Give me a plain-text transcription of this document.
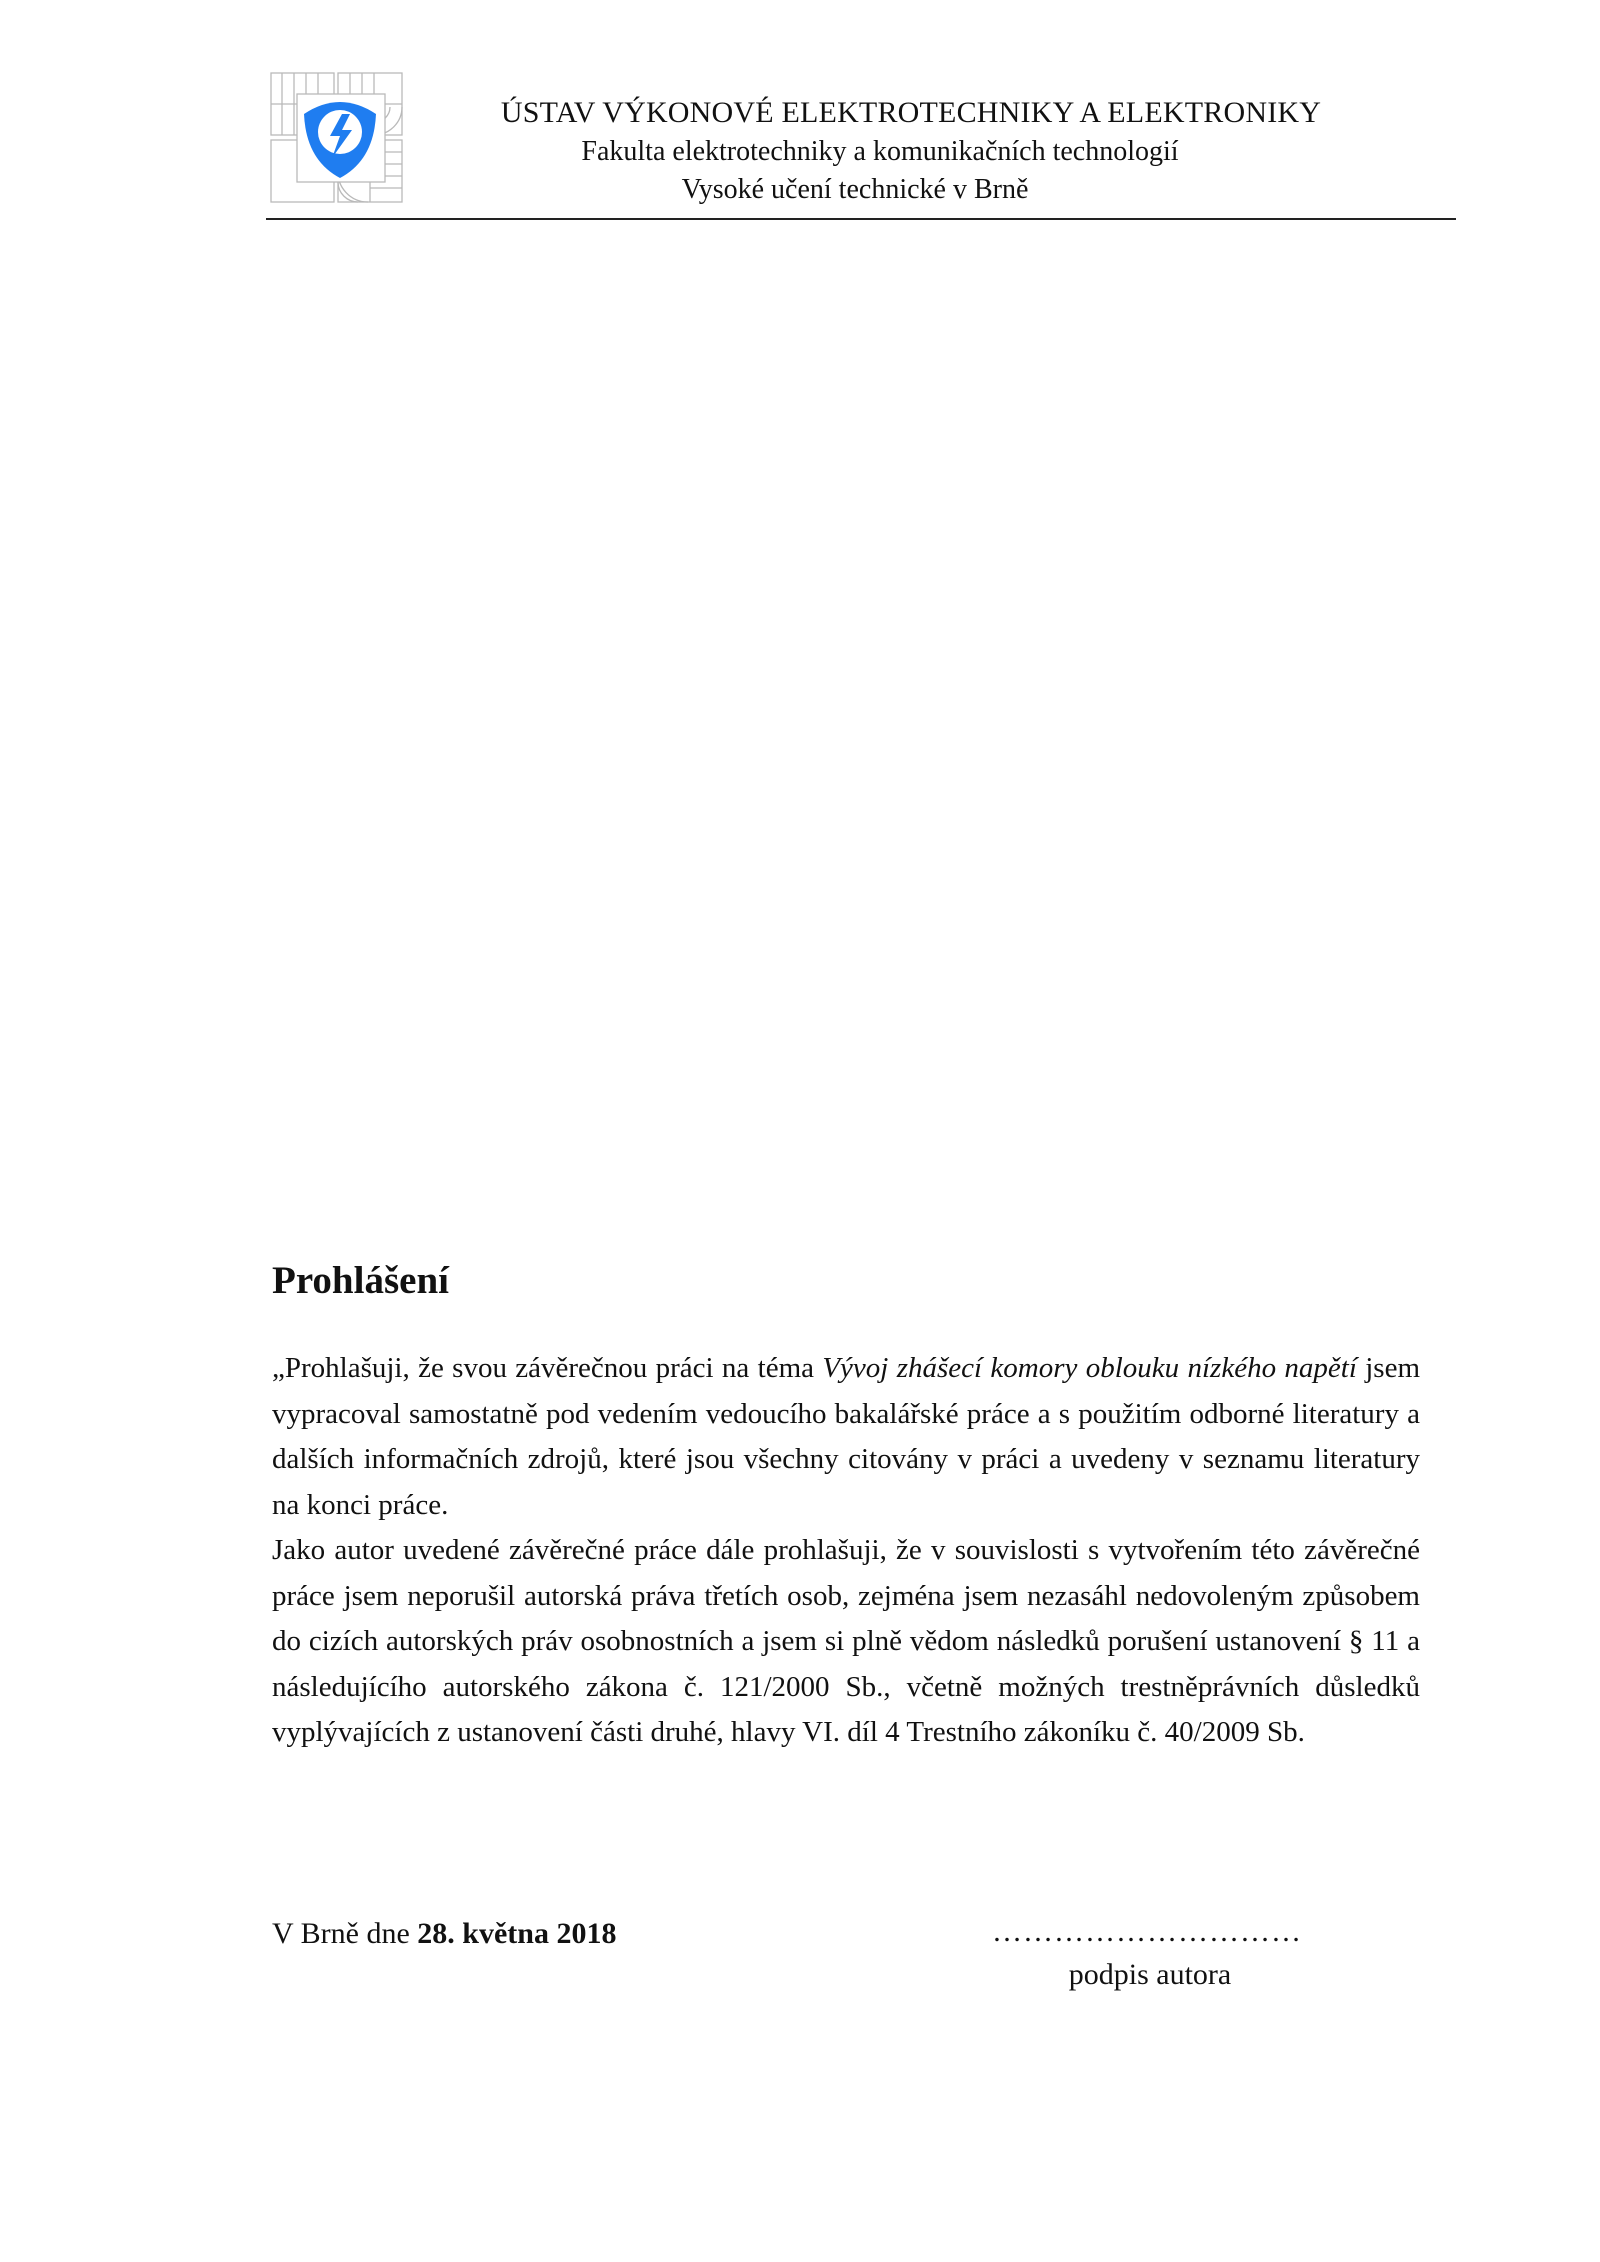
ÚSTAV VÝKONOVÉ ELEKTROTECHNIKY A ELEKTRONIKY
Fakulta elektrotechniky a komunikačních technologií
Vysoké učení technické v Brně
Prohlášení

„Prohlašuji, že svou závěrečnou práci na téma Vývoj zhášecí komory oblouku nízkého napětí jsem vypracoval samostatně pod vedením vedoucího bakalářské práce a s použitím odborné literatury a dalších informačních zdrojů, které jsou všechny citovány v práci a uvedeny v seznamu literatury na konci práce.

Jako autor uvedené závěrečné práce dále prohlašuji, že v souvislosti s vytvořením této závěrečné práce jsem neporušil autorská práva třetích osob, zejména jsem nezasáhl nedovoleným způsobem do cizích autorských práv osobnostních a jsem si plně vědom následků porušení ustanovení § 11 a následujícího autorského zákona č. 121/2000 Sb., včetně možných trestněprávních důsledků vyplývajících z ustanovení části druhé, hlavy VI. díl 4 Trestního zákoníku č. 40/2009 Sb.

V Brně dne 28. května 2018	…………………………
podpis autora
